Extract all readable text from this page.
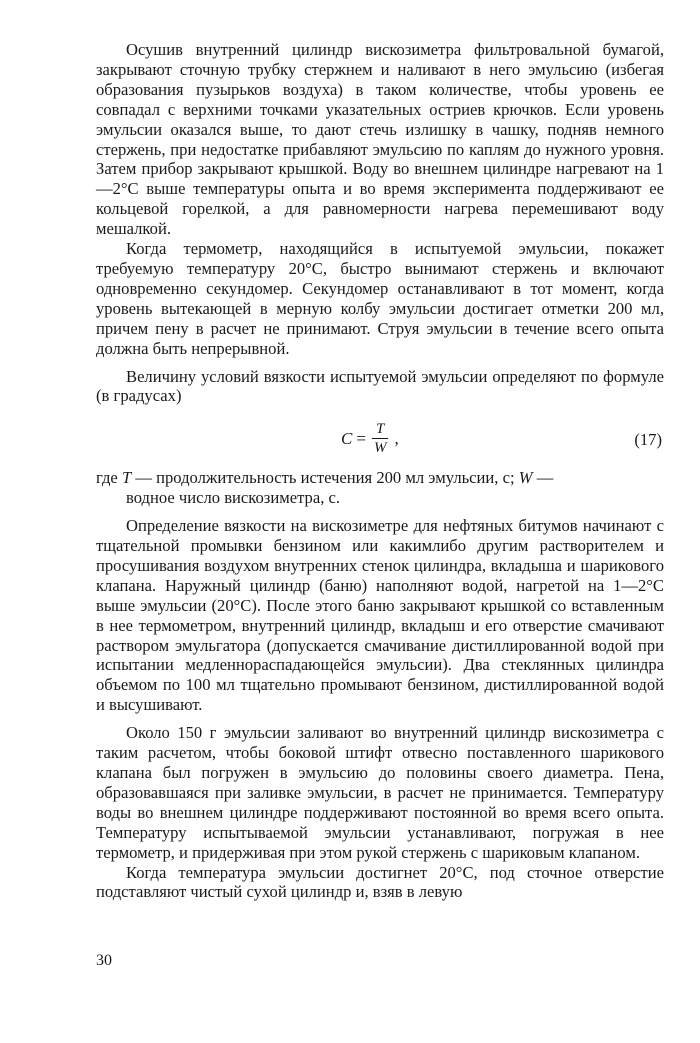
Осушив внутренний цилиндр вискозиметра фильтровальной бумагой, закрывают сточную трубку стержнем и наливают в него эмульсию (избегая образования пузырьков воздуха) в таком количестве, чтобы уровень ее совпадал с верхними точками указательных остриев крючков. Если уровень эмульсии оказался выше, то дают стечь излишку в чашку, подняв немного стержень, при недостатке прибавляют эмульсию по каплям до нужного уровня. Затем прибор закрывают крышкой. Воду во внешнем цилиндре нагревают на 1—2°С выше температуры опыта и во время эксперимента поддерживают ее кольцевой горелкой, а для равномерности нагрева перемешивают воду мешалкой.

Когда термометр, находящийся в испытуемой эмульсии, покажет требуемую температуру 20°С, быстро вынимают стержень и включают одновременно секундомер. Секундомер останавливают в тот момент, когда уровень вытекающей в мерную колбу эмульсии достигает отметки 200 мл, причем пену в расчет не принимают. Струя эмульсии в течение всего опыта должна быть непрерывной.

Величину условий вязкости испытуемой эмульсии определяют по формуле (в градусах)

$C = \frac{T}{W}$ ,	(17)

где T — продолжительность истечения 200 мл эмульсии, с; W —

водное число вискозиметра, с.

Определение вязкости на вискозиметре для нефтяных битумов начинают с тщательной промывки бензином или какимлибо другим растворителем и просушивания воздухом внутренних стенок цилиндра, вкладыша и шарикового клапана. Наружный цилиндр (баню) наполняют водой, нагретой на 1—2°С выше эмульсии (20°С). После этого баню закрывают крышкой со вставленным в нее термометром, внутренний цилиндр, вкладыш и его отверстие смачивают раствором эмульгатора (допускается смачивание дистиллированной водой при испытании медленнораспадающейся эмульсии). Два стеклянных цилиндра объемом по 100 мл тщательно промывают бензином, дистиллированной водой и высушивают.

Около 150 г эмульсии заливают во внутренний цилиндр вискозиметра с таким расчетом, чтобы боковой штифт отвесно поставленного шарикового клапана был погружен в эмульсию до половины своего диаметра. Пена, образовавшаяся при заливке эмульсии, в расчет не принимается. Температуру воды во внешнем цилиндре поддерживают постоянной во время всего опыта. Температуру испытываемой эмульсии устанавливают, погружая в нее термометр, и придерживая при этом рукой стержень с шариковым клапаном.

Когда температура эмульсии достигнет 20°С, под сточное отверстие подставляют чистый сухой цилиндр и, взяв в левую

30
